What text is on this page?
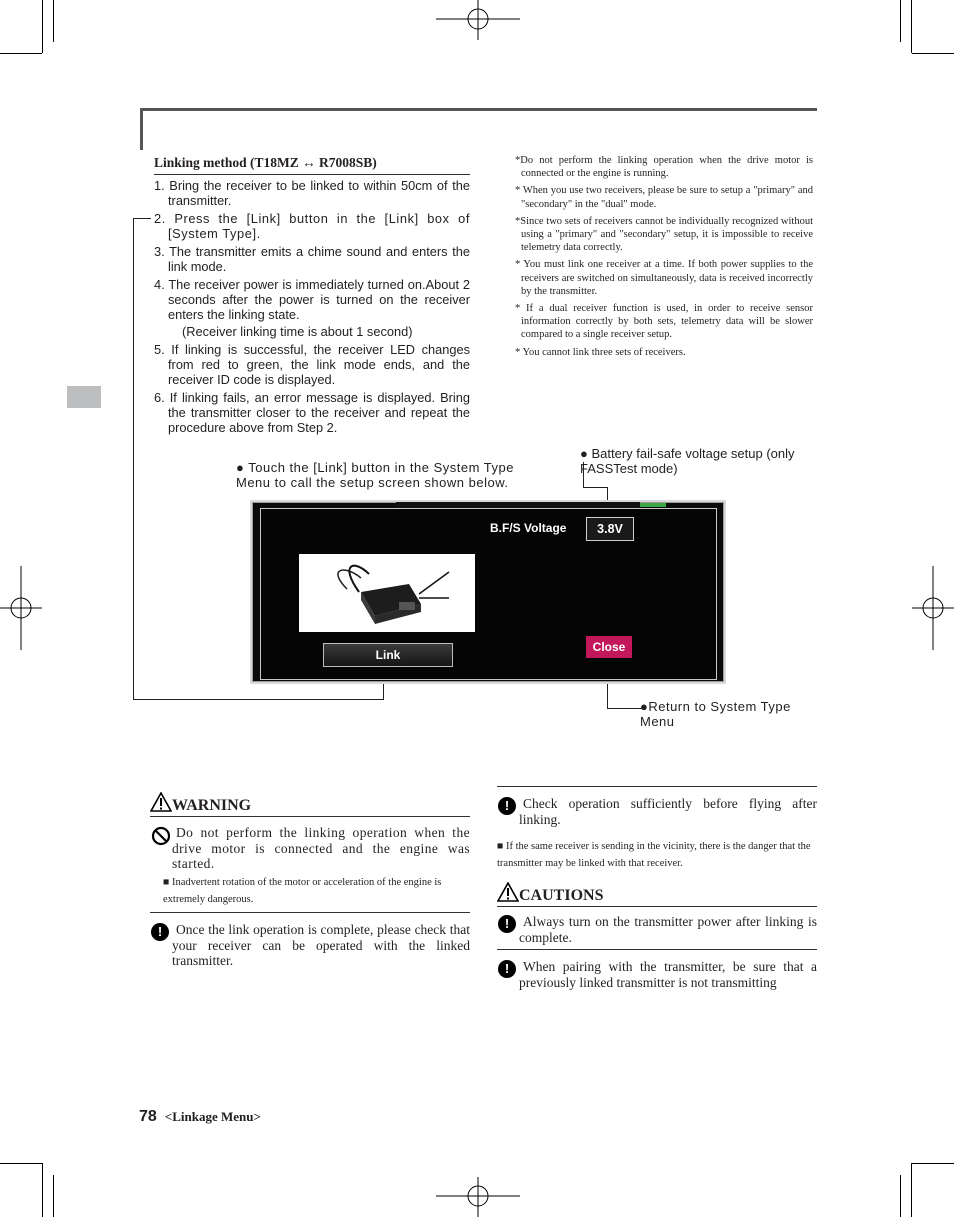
Linking method (T18MZ ↔ R7008SB)
1. Bring the receiver to be linked to within 50cm of the transmitter.
2. Press the [Link] button in the [Link] box of [System Type].
3. The transmitter emits a chime sound and enters the link mode.
4. The receiver power is immediately turned on.About 2 seconds after the power is turned on the receiver enters the linking state.
(Receiver linking time is about 1 second)
5. If linking is successful, the receiver LED changes from red to green, the link mode ends, and the receiver ID code is displayed.
6. If linking fails, an error message is displayed. Bring the transmitter closer to the receiver and repeat the procedure above from Step 2.
*Do not perform the linking operation when the drive motor is connected or the engine is running.
* When you use two receivers, please be sure to setup a "primary" and "secondary" in the "dual" mode.
*Since two sets of receivers cannot be individually recognized without using a "primary" and "secondary" setup, it is impossible to receive telemetry data correctly.
* You must link one receiver at a time. If both power supplies to the receivers are switched on simultaneously, data is received incorrectly by the transmitter.
* If a dual receiver function is used, in order to receive sensor information correctly by both sets, telemetry data will be slower compared to a single receiver setup.
* You cannot link three sets of receivers.
● Touch the [Link] button in the System Type Menu to call the setup screen shown below.
● Battery fail-safe voltage setup (only FASSTest mode)
●Return to System Type Menu
B.F/S Voltage	3.8V
Link
Close
WARNING
Do not perform the linking operation when the drive motor is connected and the engine was started.
■ Inadvertent rotation of the motor or acceleration of the engine is extremely dangerous.
!	Once the link operation is complete, please check that your receiver can be operated with the linked transmitter.
!	Check operation sufficiently before flying after linking.
■ If the same receiver is sending in the vicinity, there is the danger that the transmitter may be linked with that receiver.
CAUTIONS
!	Always turn on the transmitter power after linking is complete.
!	When pairing with the transmitter, be sure that a previously linked transmitter is not transmitting
78 <Linkage Menu>
